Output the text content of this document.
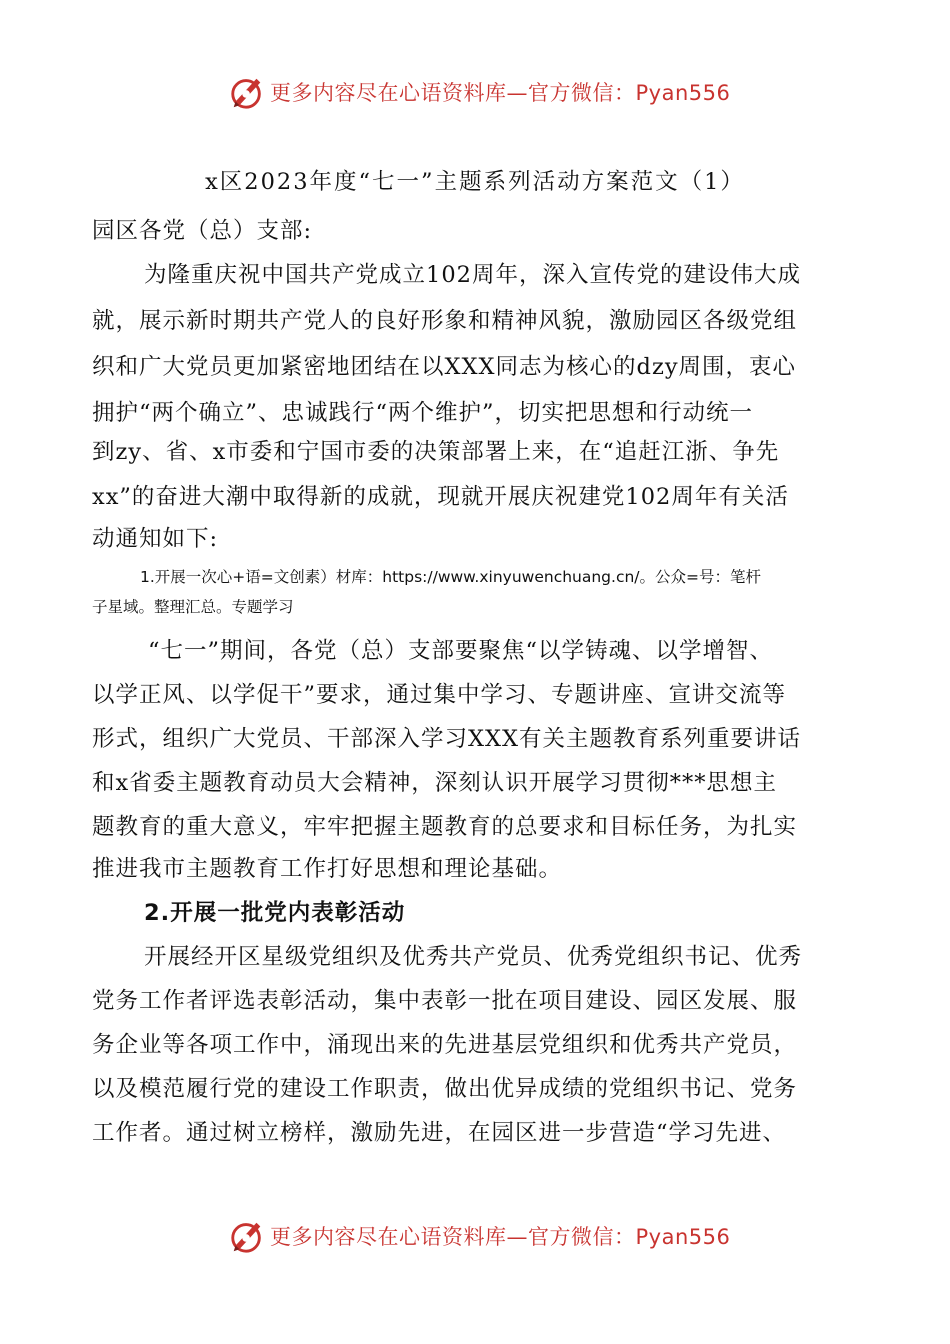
更多内容尽在心语资料库—官方微信：Pyan556
x区2023年度“七一”主题系列活动方案范文（1）
园区各党（总）支部:
为隆重庆祝中国共产党成立102周年，深入宣传党的建设伟大成
就，展示新时期共产党人的良好形象和精神风貌，激励园区各级党组
织和广大党员更加紧密地团结在以XXX同志为核心的dzy周围，衷心
拥护“两个确立”、忠诚践行“两个维护”，切实把思想和行动统一
到zy、省、x市委和宁国市委的决策部署上来，在“追赶江浙、争先
xx”的奋进大潮中取得新的成就，现就开展庆祝建党102周年有关活
动通知如下:
1.开展一次心+语=文创素）材库：https://www.xinyuwenchuang.cn/。公众=号：笔杆
子星域。整理汇总。专题学习
“七一”期间，各党（总）支部要聚焦“以学铸魂、以学增智、
以学正风、以学促干”要求，通过集中学习、专题讲座、宣讲交流等
形式，组织广大党员、干部深入学习XXX有关主题教育系列重要讲话
和x省委主题教育动员大会精神，深刻认识开展学习贯彻***思想主
题教育的重大意义，牢牢把握主题教育的总要求和目标任务，为扎实
推进我市主题教育工作打好思想和理论基础。
2.开展一批党内表彰活动
开展经开区星级党组织及优秀共产党员、优秀党组织书记、优秀
党务工作者评选表彰活动，集中表彰一批在项目建设、园区发展、服
务企业等各项工作中，涌现出来的先进基层党组织和优秀共产党员，
以及模范履行党的建设工作职责，做出优异成绩的党组织书记、党务
工作者。通过树立榜样，激励先进，在园区进一步营造“学习先进、
更多内容尽在心语资料库—官方微信：Pyan556
